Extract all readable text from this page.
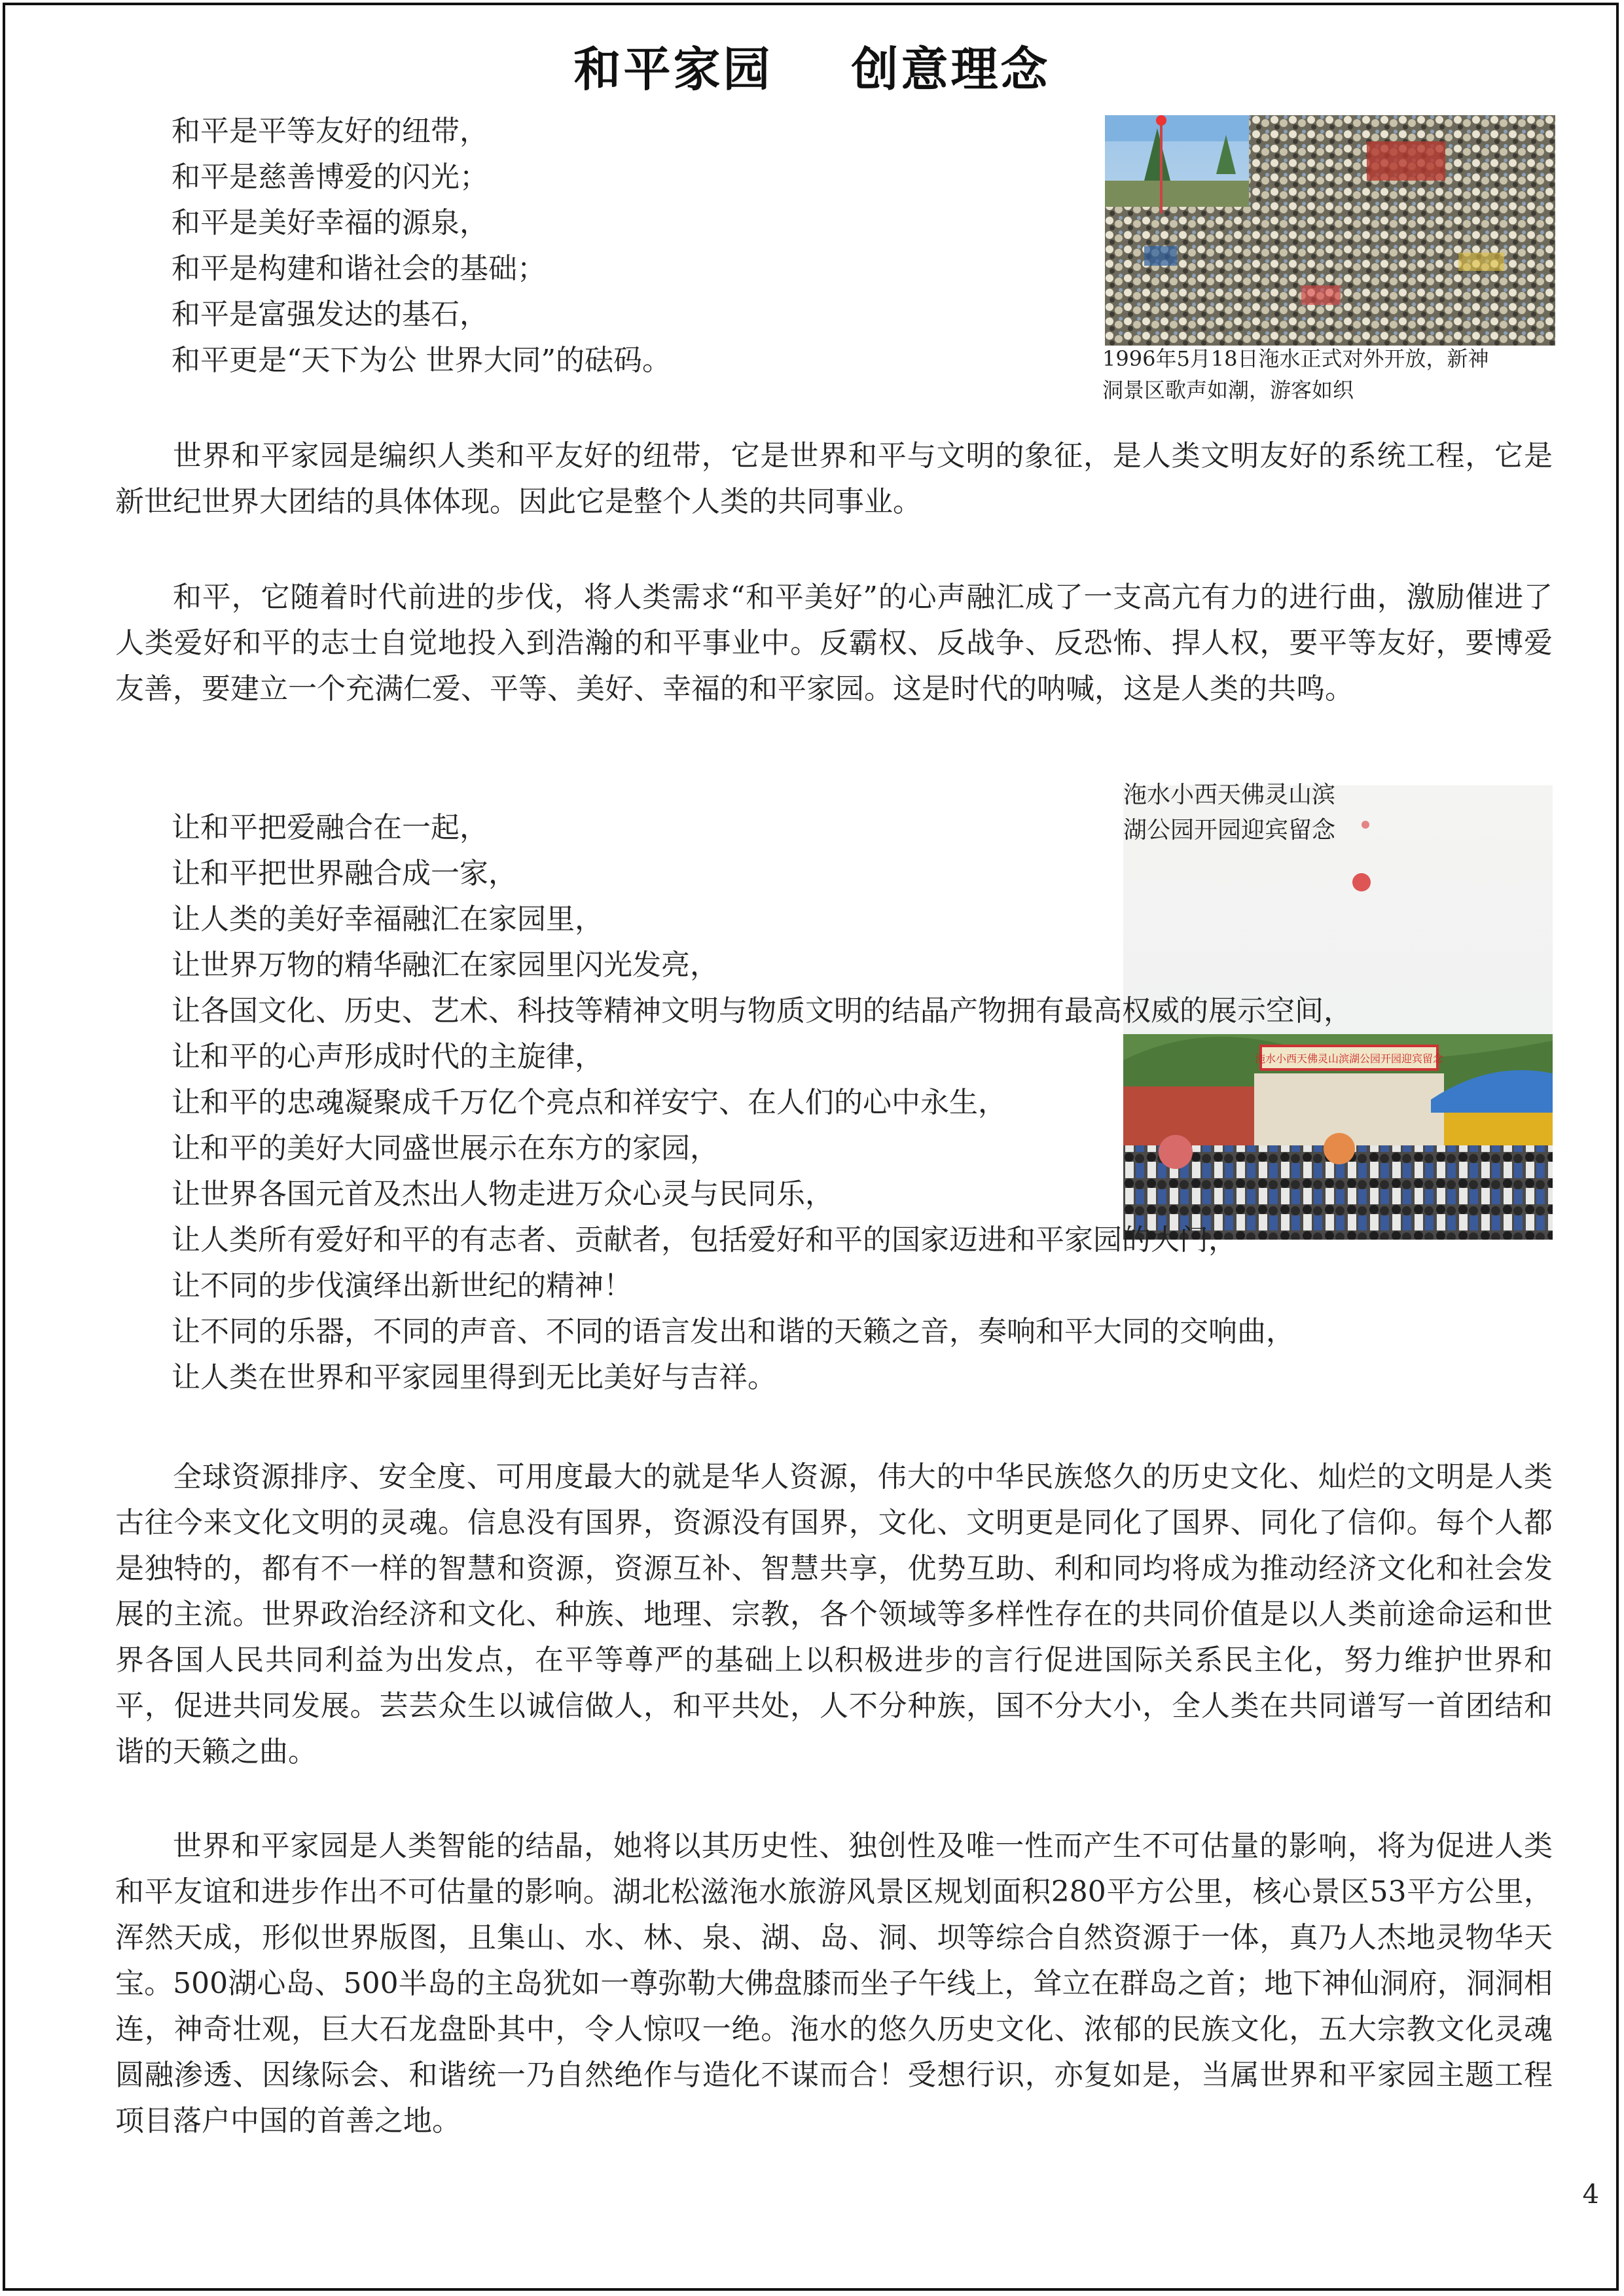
和平家园 创意理念
和平是平等友好的纽带，
和平是慈善博爱的闪光；
和平是美好幸福的源泉，
和平是构建和谐社会的基础；
和平是富强发达的基石，
和平更是“天下为公 世界大同”的砝码。	1996年5月18日沲水正式对外开放，新神
洞景区歌声如潮，游客如织

世界和平家园是编织人类和平友好的纽带，它是世界和平与文明的象征，是人类文明友好的系统工程，它是新世纪世界大团结的具体体现。因此它是整个人类的共同事业。

和平，它随着时代前进的步伐，将人类需求“和平美好”的心声融汇成了一支高亢有力的进行曲，激励催进了人类爱好和平的志士自觉地投入到浩瀚的和平事业中。反霸权、反战争、反恐怖、捍人权，要平等友好，要博爱友善，要建立一个充满仁爱、平等、美好、幸福的和平家园。这是时代的呐喊，这是人类的共鸣。

沲水小西天佛灵山滨湖公园开园迎宾留念

沲水小西天佛灵山滨
湖公园开园迎宾留念

让和平把爱融合在一起，
让和平把世界融合成一家，
让人类的美好幸福融汇在家园里，
让世界万物的精华融汇在家园里闪光发亮，
让各国文化、历史、艺术、科技等精神文明与物质文明的结晶产物拥有最高权威的展示空间，
让和平的心声形成时代的主旋律，
让和平的忠魂凝聚成千万亿个亮点和祥安宁、在人们的心中永生，
让和平的美好大同盛世展示在东方的家园，
让世界各国元首及杰出人物走进万众心灵与民同乐，
让人类所有爱好和平的有志者、贡献者，包括爱好和平的国家迈进和平家园的大门，
让不同的步伐演绎出新世纪的精神！
让不同的乐器，不同的声音、不同的语言发出和谐的天籁之音，奏响和平大同的交响曲，
让人类在世界和平家园里得到无比美好与吉祥。

全球资源排序、安全度、可用度最大的就是华人资源，伟大的中华民族悠久的历史文化、灿烂的文明是人类古往今来文化文明的灵魂。信息没有国界，资源没有国界，文化、文明更是同化了国界、同化了信仰。每个人都是独特的，都有不一样的智慧和资源，资源互补、智慧共享，优势互助、利和同均将成为推动经济文化和社会发展的主流。世界政治经济和文化、种族、地理、宗教，各个领域等多样性存在的共同价值是以人类前途命运和世界各国人民共同利益为出发点，在平等尊严的基础上以积极进步的言行促进国际关系民主化，努力维护世界和平，促进共同发展。芸芸众生以诚信做人，和平共处，人不分种族，国不分大小，全人类在共同谱写一首团结和谐的天籁之曲。

世界和平家园是人类智能的结晶，她将以其历史性、独创性及唯一性而产生不可估量的影响，将为促进人类和平友谊和进步作出不可估量的影响。湖北松滋沲水旅游风景区规划面积280平方公里，核心景区53平方公里，浑然天成，形似世界版图，且集山、水、林、泉、湖、岛、洞、坝等综合自然资源于一体，真乃人杰地灵物华天宝。500湖心岛、500半岛的主岛犹如一尊弥勒大佛盘膝而坐子午线上，耸立在群岛之首；地下神仙洞府，洞洞相连，神奇壮观，巨大石龙盘卧其中，令人惊叹一绝。沲水的悠久历史文化、浓郁的民族文化，五大宗教文化灵魂圆融渗透、因缘际会、和谐统一乃自然绝作与造化不谋而合！受想行识，亦复如是，当属世界和平家园主题工程项目落户中国的首善之地。

4
